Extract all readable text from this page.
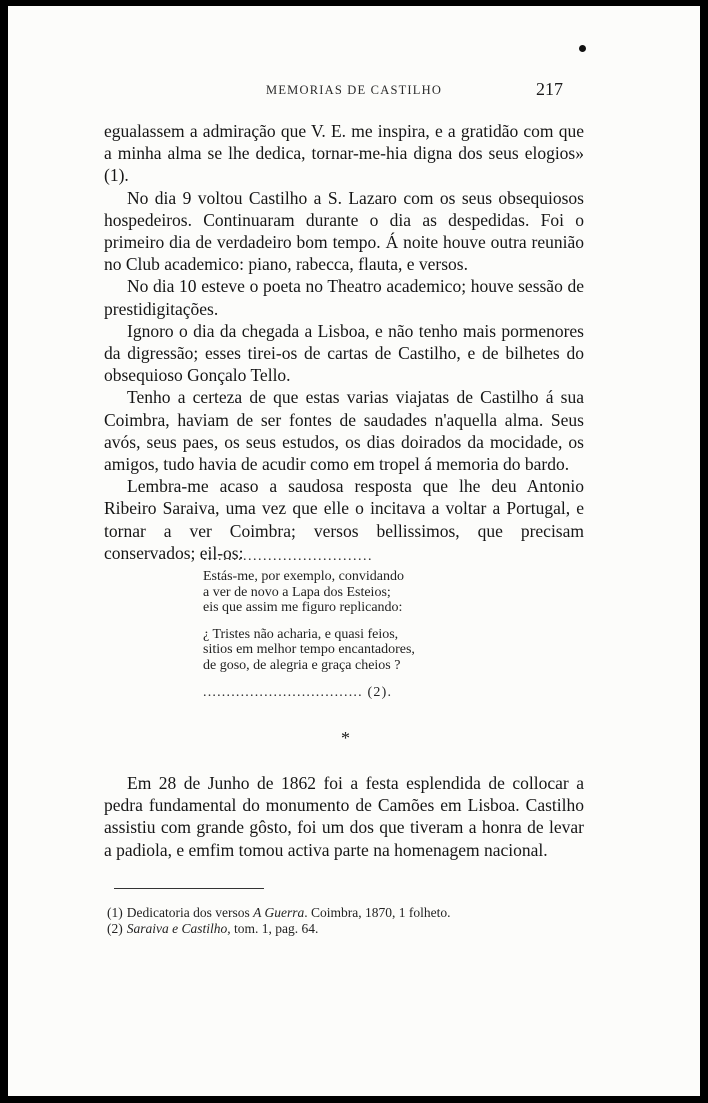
MEMORIAS DE CASTILHO	217

egualassem a admiração que V. E. me inspira, e a gratidão com que a minha alma se lhe dedica, tornar-me-hia digna dos seus elogios» (1).

No dia 9 voltou Castilho a S. Lazaro com os seus obsequiosos hospedeiros. Continuaram durante o dia as despedidas. Foi o primeiro dia de verdadeiro bom tempo. Á noite houve outra reunião no Club academico: piano, rabecca, flauta, e versos.

No dia 10 esteve o poeta no Theatro academico; houve sessão de prestidigitações.

Ignoro o dia da chegada a Lisboa, e não tenho mais pormenores da digressão; esses tirei-os de cartas de Castilho, e de bilhetes do obsequioso Gonçalo Tello.

Tenho a certeza de que estas varias viajatas de Castilho á sua Coimbra, haviam de ser fontes de saudades n'aquella alma. Seus avós, seus paes, os seus estudos, os dias doirados da mocidade, os amigos, tudo havia de acudir como em tropel á memoria do bardo.

Lembra-me acaso a saudosa resposta que lhe deu Antonio Ribeiro Saraiva, uma vez que elle o incitava a voltar a Portugal, e tornar a ver Coimbra; versos bellissimos, que precisam conservados; eil-os:

..................................

Estás-me, por exemplo, convidando

a ver de novo a Lapa dos Esteios;

eis que assim me figuro replicando:

¿ Tristes não acharia, e quasi feios,

sitios em melhor tempo encantadores,

de goso, de alegria e graça cheios ?

.................................. (2).
*

Em 28 de Junho de 1862 foi a festa esplendida de collocar a pedra fundamental do monumento de Camões em Lisboa. Castilho assistiu com grande gôsto, foi um dos que tiveram a honra de levar a padiola, e emfim tomou activa parte na homenagem nacional.

(1) Dedicatoria dos versos A Guerra. Coimbra, 1870, 1 folheto.

(2) Saraiva e Castilho, tom. 1, pag. 64.
